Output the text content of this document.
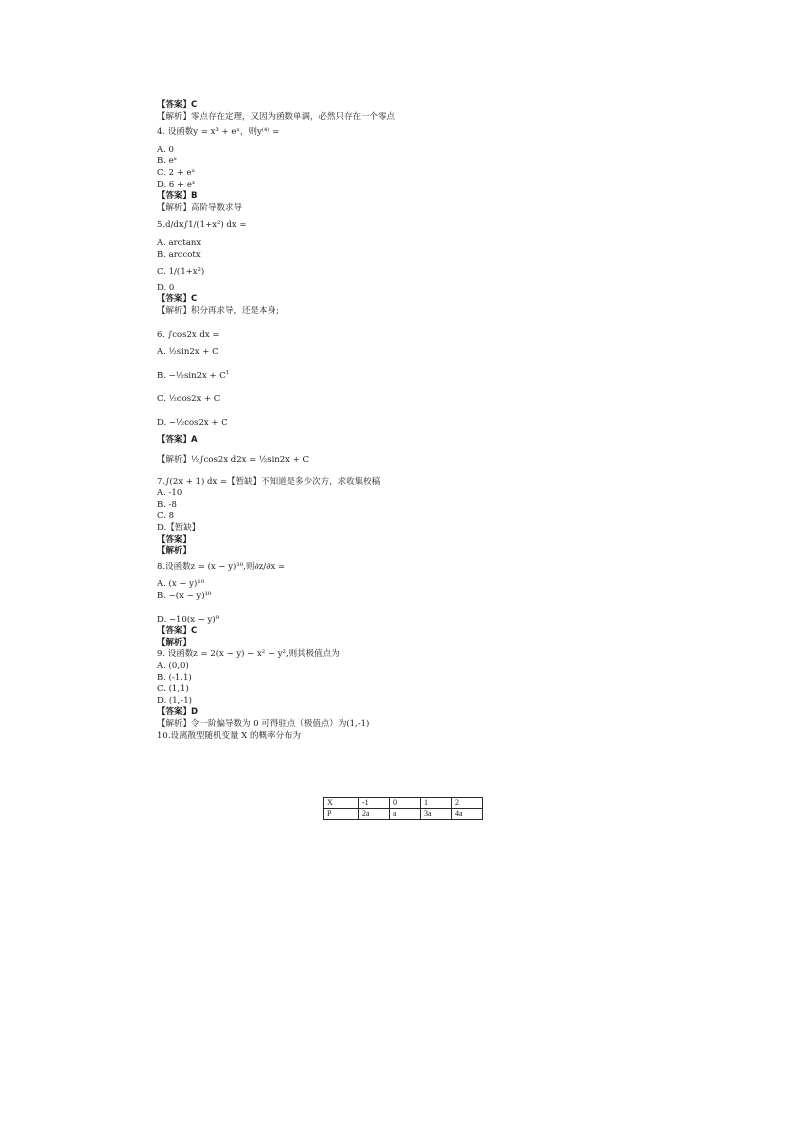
【答案】C

【解析】零点存在定理，又因为函数单调，必然只存在一个零点

4. 设函数y = x³ + eˣ，则y⁽⁴⁾ =

A. 0

B. eˣ

C. 2 + eˣ

D. 6 + eˣ

【答案】B

【解析】高阶导数求导

5.d/dx∫1/(1+x²) dx =

A. arctanx

B. arccotx

C. 1/(1+x²)

D. 0

【答案】C

【解析】积分再求导，还是本身;

6. ∫cos2x dx =

A. ½sin2x + C

B. −½sin2x + $C^1$

C. ½cos2x + C

D. −½cos2x + C

【答案】A

【解析】½∫cos2x d2x = ½sin2x + C

7.∫(2x + 1) dx =【暂缺】不知道是多少次方，求收集校稿

A. -10

B. -8

C. 8

D.【暂缺】

【答案】

【解析】

8.设函数z = (x − y)¹⁰,则∂z/∂x =

A. (x − y)¹⁰

B. −(x − y)¹⁰

D. −10(x − y)⁹

【答案】C

【解析】

9. 设函数z = 2(x − y) − x² − y²,则其极值点为

A. (0,0)

B. (-1.1)

C. (1,1)

D. (1,-1)

【答案】D

【解析】令一阶偏导数为 0 可得驻点（极值点）为(1,-1)

10.设离散型随机变量 X 的概率分布为

X	-1	0	1	2
P	2a	a	3a	4a
